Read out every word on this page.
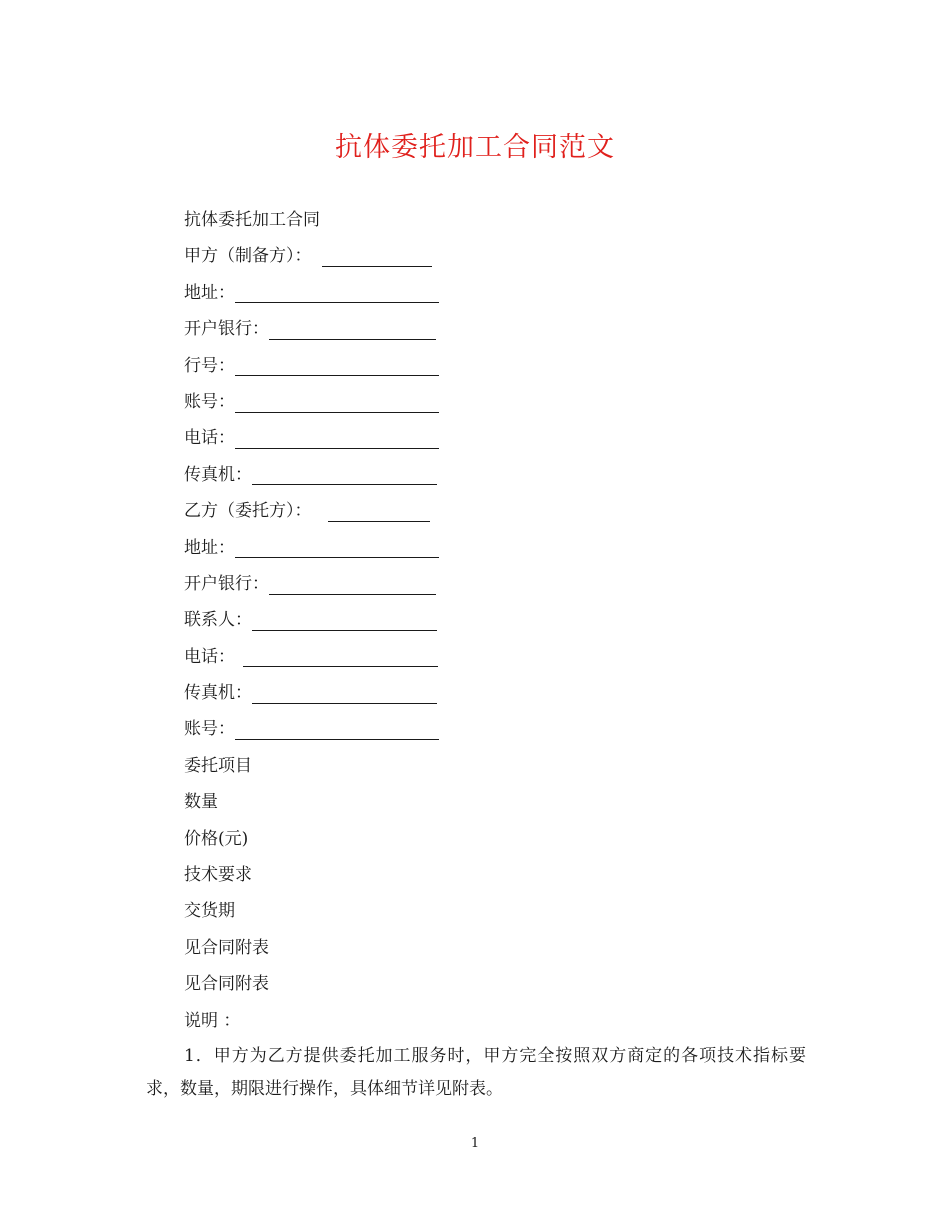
抗体委托加工合同范文
抗体委托加工合同
甲方（制备方）：
地址：
开户银行：
行号：
账号：
电话：
传真机：
乙方（委托方）：
地址：
开户银行：
联系人：
电话：
传真机：
账号：
委托项目
数量
价格(元)
技术要求
交货期
见合同附表
见合同附表
说明 ：
1．甲方为乙方提供委托加工服务时，甲方完全按照双方商定的各项技术指标要求，数量，期限进行操作，具体细节详见附表。
1
